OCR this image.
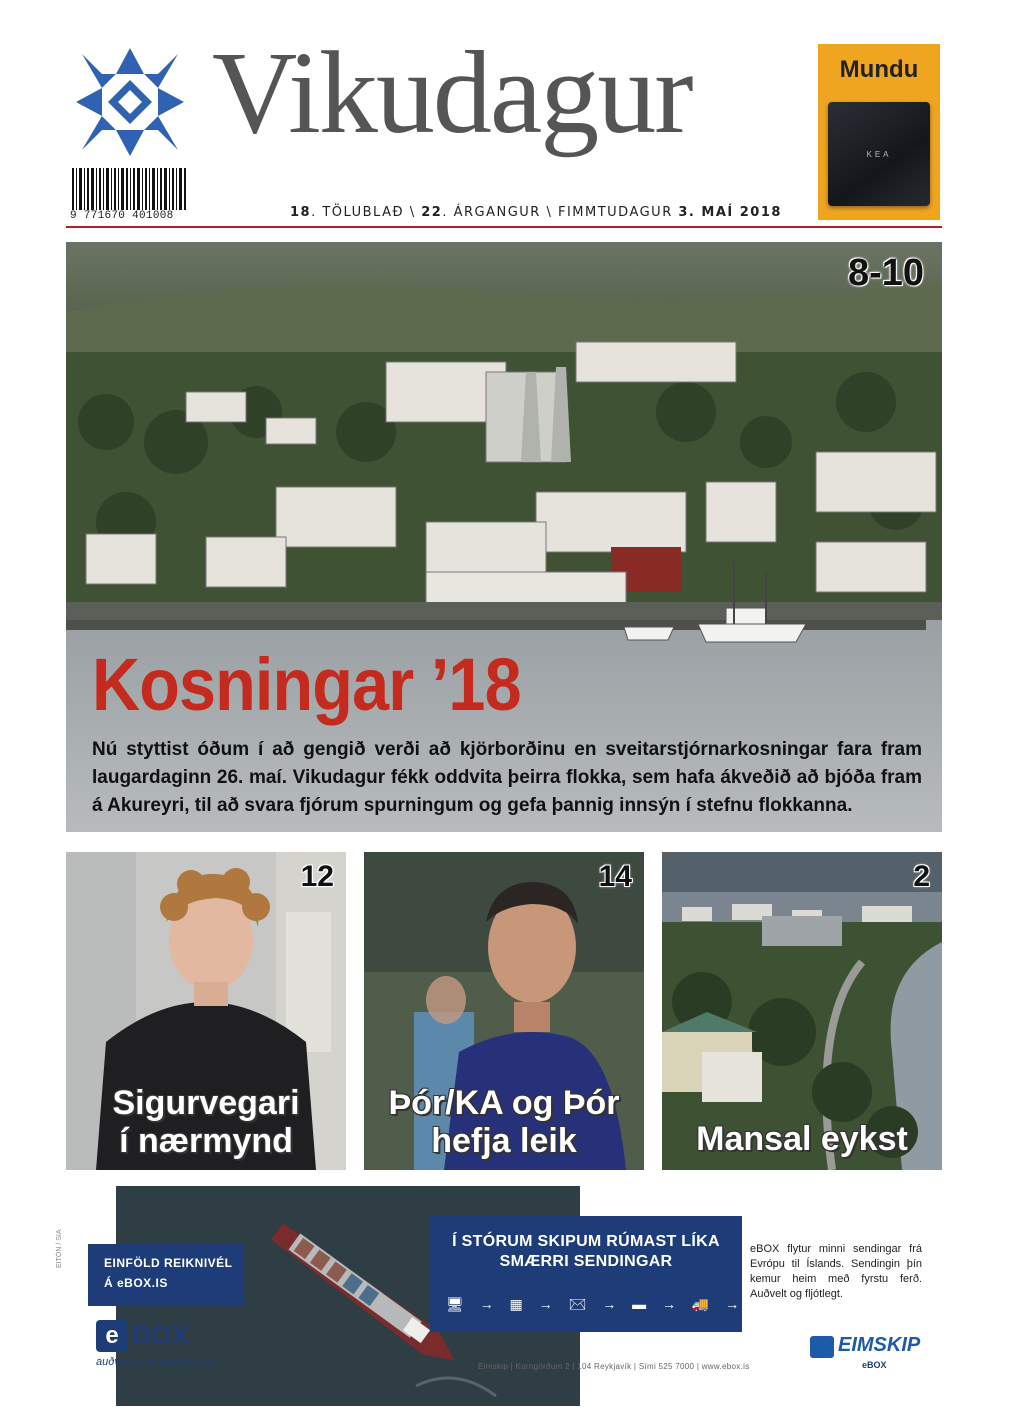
Vikudagur
9 771670 401008	18. TÖLUBLAÐ \ 22. ÁRGANGUR \ FIMMTUDAGUR 3. MAÍ 2018
Mundu
KEA
8-10
Kosningar ’18
Nú styttist óðum í að gengið verði að kjörborðinu en sveitarstjórnarkosningar fara fram laugardaginn 26. maí. Vikudagur fékk oddvita þeirra flokka, sem hafa ákveðið að bjóða fram á Akureyri, til að svara fjórum spurningum og gefa þannig innsýn í stefnu flokkanna.
12
Sigurvegari
í nærmynd
14
Þór/KA og Þór
hefja leik
2
Mansal eykst
EITÓN / SIA	EINFÖLD REIKNIVÉL
Á eBOX.IS
Í STÓRUM SKIPUM RÚMAST LÍKA
SMÆRRI SENDINGAR
🖥 → ▦ → ✉ → ▬ → 🚚 → ⌂
eBOX flytur minni sendingar frá Evrópu til Íslands. Sendingin þín kemur heim með fyrstu ferð. Auðvelt og fljótlegt.
e BOX
auðveldar smásendingar	Eimskip | Korngörðum 2 | 104 Reykjavík | Sími 525 7000 | www.ebox.is
EIMSKIP
eBOX
